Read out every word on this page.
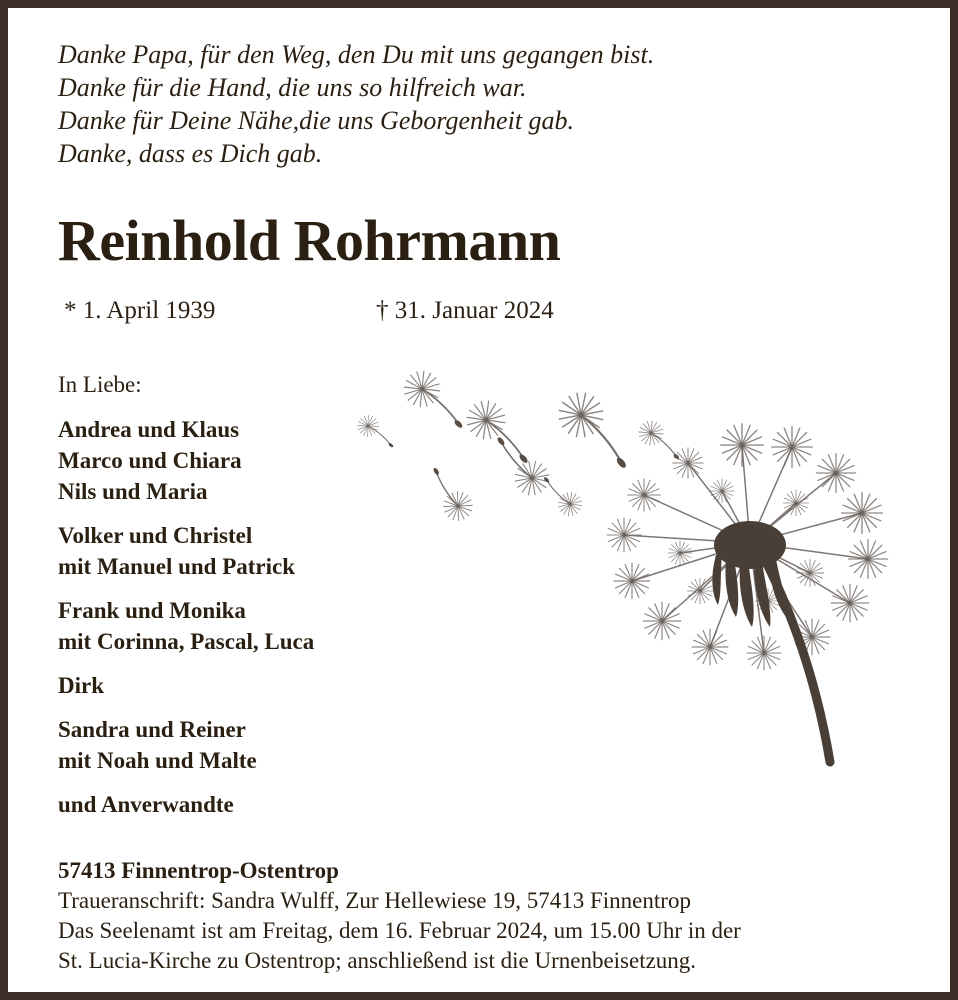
Danke Papa, für den Weg, den Du mit uns gegangen bist.
Danke für die Hand, die uns so hilfreich war.
Danke für Deine Nähe,die uns Geborgenheit gab.
Danke, dass es Dich gab.
Reinhold Rohrmann
* 1. April 1939	† 31. Januar 2024
In Liebe:
Andrea und Klaus
Marco und Chiara
Nils und Maria
Volker und Christel
mit Manuel und Patrick
Frank und Monika
mit Corinna, Pascal, Luca
Dirk
Sandra und Reiner
mit Noah und Malte
und Anverwandte
57413 Finnentrop-Ostentrop
Traueranschrift: Sandra Wulff, Zur Hellewiese 19, 57413 Finnentrop
Das Seelenamt ist am Freitag, dem 16. Februar 2024, um 15.00 Uhr in der
St. Lucia-Kirche zu Ostentrop; anschließend ist die Urnenbeisetzung.
